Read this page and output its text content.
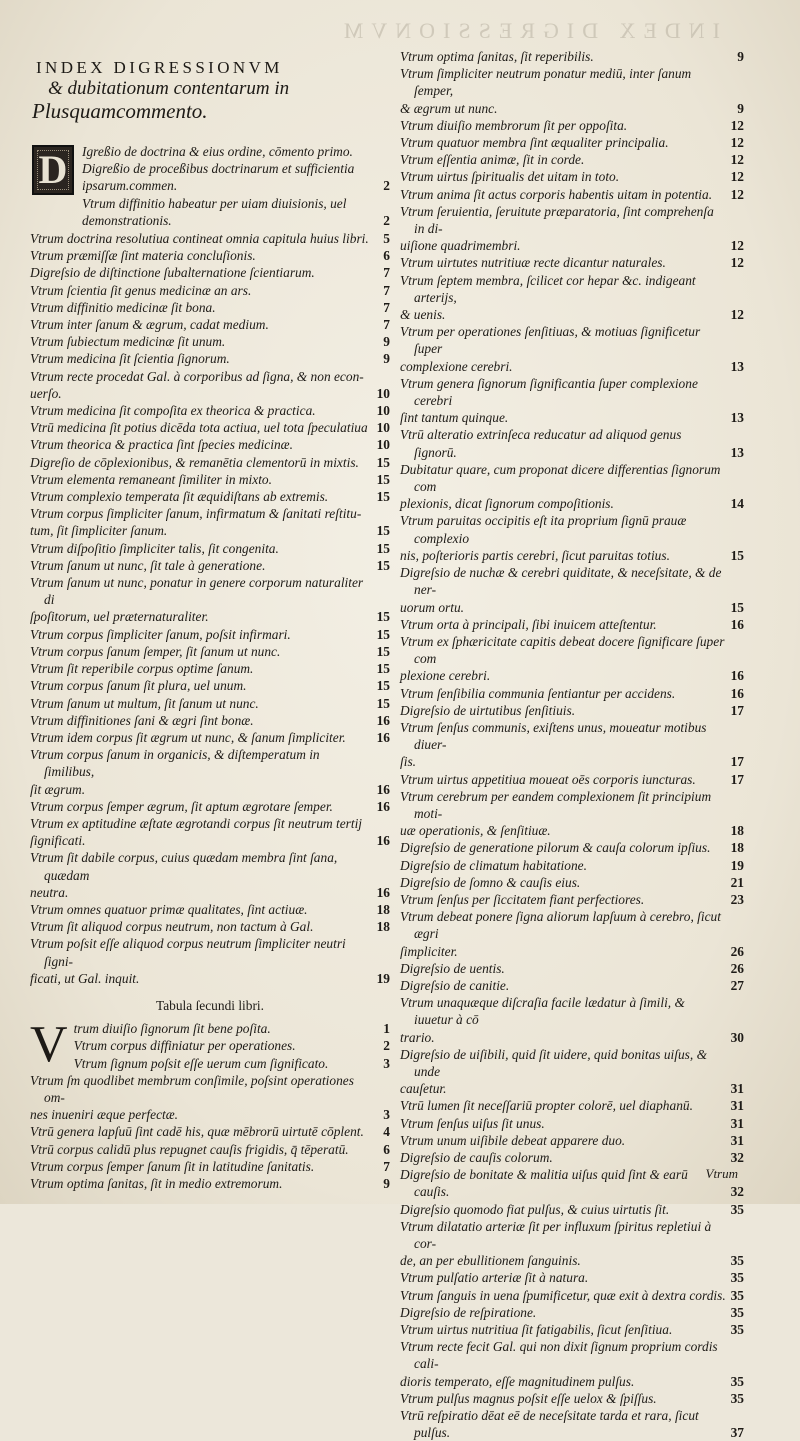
INDEX DIGRESSIONVM
INDEX DIGRESSIONVM
& dubitationum contentarum in
Plusquamcommento.
D Igreßio de doctrina & eius ordine, cōmento primo.
Digreßio de proceßibus doctrinarum et sufficientia
ipsarum.commen.	2
Vtrum diffinitio habeatur per uiam diuisionis, uel
demonstrationis.	2
Vtrum doctrina resolutiua contineat omnia capitula huius libri.	5
Vtrum præmiſſæ ſint materia concluſionis.	6
Digreſsio de diſtinctione ſubalternatione ſcientiarum.	7
Vtrum ſcientia ſit genus medicinæ an ars.	7
Vtrum diffinitio medicinæ ſit bona.	7
Vtrum inter ſanum & ægrum, cadat medium.	7
Vtrum ſubiectum medicinæ ſit unum.	9
Vtrum medicina ſit ſcientia ſignorum.	9
Vtrum recte procedat Gal. à corporibus ad ſigna, & non econ-
uerſo.	10
Vtrum medicina ſit compoſita ex theorica & practica.	10
Vtrū medicina ſit potius dicēda tota actiua, uel tota ſpeculatiua 10
Vtrum theorica & practica ſint ſpecies medicinæ.	10
Digreſio de cōplexionibus, & remanētia clementorū in mixtis.	15
Vtrum elementa remaneant ſimiliter in mixto.	15
Vtrum complexio temperata ſit æquidiſtans ab extremis.	15
Vtrum corpus ſimpliciter ſanum, infirmatum & ſanitati reſtitu-
tum, ſit ſimpliciter ſanum.	15
Vtrum diſpoſitio ſimpliciter talis, ſit congenita.	15
Vtrum ſanum ut nunc, ſit tale à generatione.	15
Vtrum ſanum ut nunc, ponatur in genere corporum naturaliter di
ſpoſitorum, uel præternaturaliter.	15
Vtrum corpus ſimpliciter ſanum, poſsit infirmari.	15
Vtrum corpus ſanum ſemper, ſit ſanum ut nunc.	15
Vtrum ſit reperibile corpus optime ſanum.	15
Vtrum corpus ſanum ſit plura, uel unum.	15
Vtrum ſanum ut multum, ſit ſanum ut nunc.	15
Vtrum diffinitiones ſani & ægri ſint bonæ.	16
Vtrum idem corpus ſit ægrum ut nunc, & ſanum ſimpliciter.	16
Vtrum corpus ſanum in organicis, & diſtemperatum in ſimilibus,
ſit ægrum.	16
Vtrum corpus ſemper ægrum, ſit aptum ægrotare ſemper.	16
Vtrum ex aptitudine æſtate ægrotandi corpus ſit neutrum tertij
ſignificati.	16
Vtrum ſit dabile corpus, cuius quædam membra ſint ſana, quædam
neutra.	16
Vtrum omnes quatuor primæ qualitates, ſint actiuæ.	18
Vtrum ſit aliquod corpus neutrum, non tactum à Gal.	18
Vtrum poſsit eſſe aliquod corpus neutrum ſimpliciter neutri ſigni-
ficati, ut Gal. inquit.	19
Tabula ſecundi libri.
V trum diuiſio ſignorum ſit bene poſita.	1
Vtrum corpus diffiniatur per operationes.	2
Vtrum ſignum poſsit eſſe uerum cum ſignificato.	3
Vtrum ſm quodlibet membrum conſimile, poſsint operationes om-
nes inueniri æque perfectæ.	3
Vtrū genera lapſuū ſint cadē his, quæ mēbrorū uirtutē cōplent.	4
Vtrū corpus calidū plus repugnet cauſis frigidis, q̄ tēperatū.	6
Vtrum corpus ſemper ſanum ſit in latitudine ſanitatis.	7
Vtrum optima ſanitas, ſit in medio extremorum.	9
Vtrum optima ſanitas, ſit reperibilis.	9
Vtrum ſimpliciter neutrum ponatur mediū, inter ſanum ſemper,
& ægrum ut nunc.	9
Vtrum diuiſio membrorum ſit per oppoſita.	12
Vtrum quatuor membra ſint æqualiter principalia.	12
Vtrum eſſentia animæ, ſit in corde.	12
Vtrum uirtus ſpiritualis det uitam in toto.	12
Vtrum anima ſit actus corporis habentis uitam in potentia.	12
Vtrum ſeruientia, ſeruitute præparatoria, ſint comprehenſa in di-
uiſione quadrimembri.	12
Vtrum uirtutes nutritiuæ recte dicantur naturales.	12
Vtrum ſeptem membra, ſcilicet cor hepar &c. indigeant arterijs,
& uenis.	12
Vtrum per operationes ſenſitiuas, & motiuas ſignificetur ſuper
complexione cerebri.	13
Vtrum genera ſignorum ſignificantia ſuper complexione cerebri
ſint tantum quinque.	13
Vtrū alteratio extrinſeca reducatur ad aliquod genus ſignorū.	13
Dubitatur quare, cum proponat dicere differentias ſignorum com
plexionis, dicat ſignorum compoſitionis.	14
Vtrum paruitas occipitis eſt ita proprium ſignū prauæ complexio
nis, poſterioris partis cerebri, ſicut paruitas totius.	15
Digreſsio de nuchæ & cerebri quiditate, & neceſsitate, & de ner-
uorum ortu.	15
Vtrum orta à principali, ſibi inuicem atteſtentur.	16
Vtrum ex ſphæricitate capitis debeat docere ſignificare ſuper com
plexione cerebri.	16
Vtrum ſenſibilia communia ſentiantur per accidens.	16
Digreſsio de uirtutibus ſenſitiuis.	17
Vtrum ſenſus communis, exiſtens unus, moueatur motibus diuer-
ſis.	17
Vtrum uirtus appetitiua moueat oēs corporis iuncturas.	17
Vtrum cerebrum per eandem complexionem ſit principium moti-
uæ operationis, & ſenſitiuæ.	18
Digreſsio de generatione pilorum & cauſa colorum ipſius.	18
Digreſsio de climatum habitatione.	19
Digreſsio de ſomno & cauſis eius.	21
Vtrum ſenſus per ſiccitatem fiant perfectiores.	23
Vtrum debeat ponere ſigna aliorum lapſuum à cerebro, ſicut ægri
ſimpliciter.	26
Digreſsio de uentis.	26
Digreſsio de canitie.	27
Vtrum unaquæque diſcraſia facile lædatur à ſimili, & iuuetur à cō
trario.	30
Digreſsio de uiſibili, quid ſit uidere, quid bonitas uiſus, & unde
cauſetur.	31
Vtrū lumen ſit neceſſariū propter colorē, uel diaphanū.	31
Vtrum ſenſus uiſus ſit unus.	31
Vtrum unum uiſibile debeat apparere duo.	31
Digreſsio de cauſis colorum.	32
Digreſsio de bonitate & malitia uiſus quid ſint & earū cauſis.	32
Digreſsio quomodo fiat pulſus, & cuius uirtutis ſit.	35
Vtrum dilatatio arteriæ ſit per influxum ſpiritus repletiui à cor-
de, an per ebullitionem ſanguinis.	35
Vtrum pulſatio arteriæ ſit à natura.	35
Vtrum ſanguis in uena ſpumificetur, quæ exit à dextra cordis. 35
Digreſsio de reſpiratione.	35
Vtrum uirtus nutritiua ſit fatigabilis, ſicut ſenſitiua.	35
Vtrum recte fecit Gal. qui non dixit ſignum proprium cordis cali-
dioris temperato, eſſe magnitudinem pulſus.	35
Vtrum pulſus magnus poſsit eſſe uelox & ſpiſſus.	35
Vtrū reſpiratio dēat eē de neceſsitate tarda et rara, ſicut pulſus.	37
Vtrum
